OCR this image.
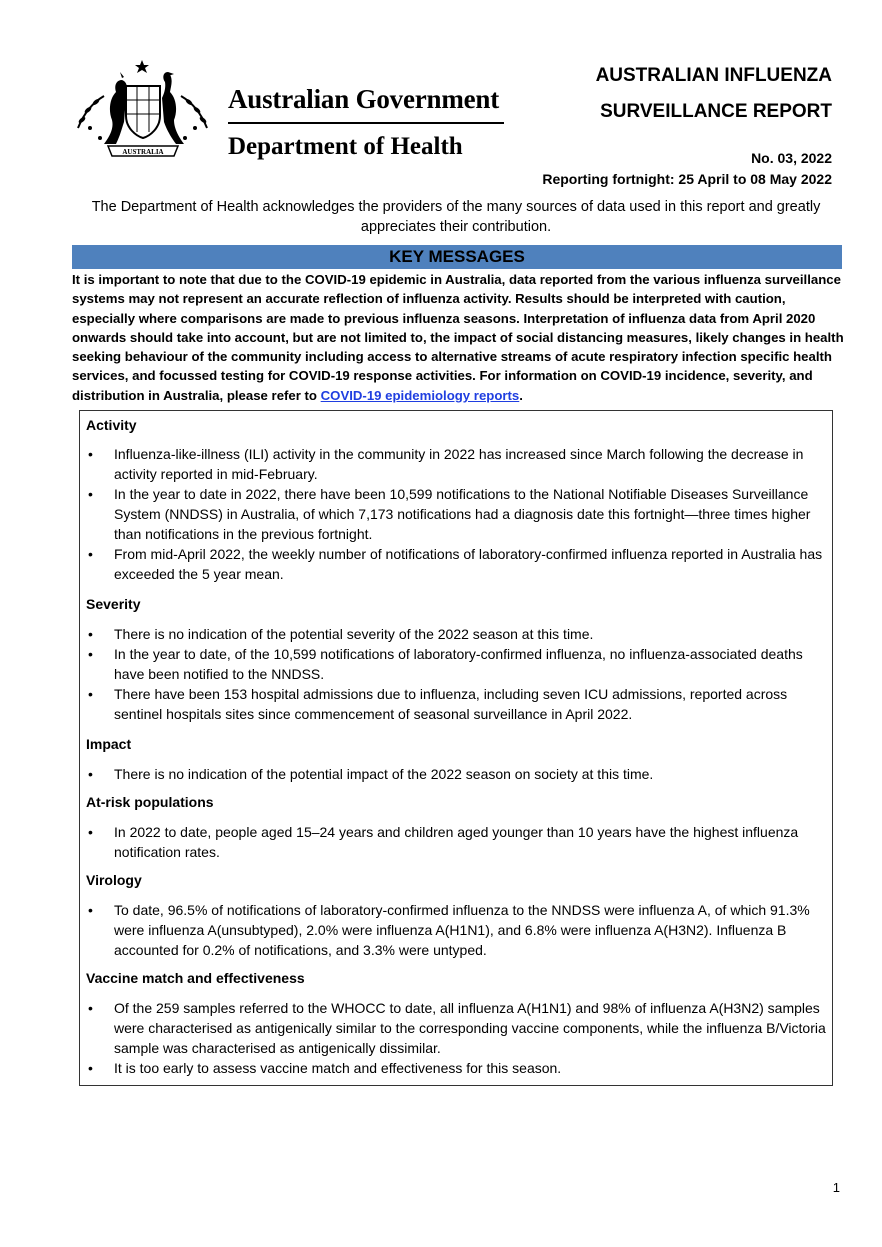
AUSTRALIA
Australian Government
Department of Health
AUSTRALIAN INFLUENZA
SURVEILLANCE REPORT
No. 03, 2022
Reporting fortnight: 25 April to 08 May 2022
The Department of Health acknowledges the providers of the many sources of data used in this report and greatly appreciates their contribution.
KEY MESSAGES
It is important to note that due to the COVID-19 epidemic in Australia, data reported from the various influenza surveillance systems may not represent an accurate reflection of influenza activity. Results should be interpreted with caution, especially where comparisons are made to previous influenza seasons. Interpretation of influenza data from April 2020 onwards should take into account, but are not limited to, the impact of social distancing measures, likely changes in health seeking behaviour of the community including access to alternative streams of acute respiratory infection specific health services, and focussed testing for COVID-19 response activities. For information on COVID-19 incidence, severity, and distribution in Australia, please refer to COVID-19 epidemiology reports.
Activity
• Influenza-like-illness (ILI) activity in the community in 2022 has increased since March following the decrease in activity reported in mid-February.
• In the year to date in 2022, there have been 10,599 notifications to the National Notifiable Diseases Surveillance System (NNDSS) in Australia, of which 7,173 notifications had a diagnosis date this fortnight—three times higher than notifications in the previous fortnight.
• From mid-April 2022, the weekly number of notifications of laboratory-confirmed influenza reported in Australia has exceeded the 5 year mean.
Severity
• There is no indication of the potential severity of the 2022 season at this time.
• In the year to date, of the 10,599 notifications of laboratory-confirmed influenza, no influenza-associated deaths have been notified to the NNDSS.
• There have been 153 hospital admissions due to influenza, including seven ICU admissions, reported across sentinel hospitals sites since commencement of seasonal surveillance in April 2022.
Impact
• There is no indication of the potential impact of the 2022 season on society at this time.
At-risk populations
• In 2022 to date, people aged 15–24 years and children aged younger than 10 years have the highest influenza notification rates.
Virology
• To date, 96.5% of notifications of laboratory-confirmed influenza to the NNDSS were influenza A, of which 91.3% were influenza A(unsubtyped), 2.0% were influenza A(H1N1), and 6.8% were influenza A(H3N2). Influenza B accounted for 0.2% of notifications, and 3.3% were untyped.
Vaccine match and effectiveness
• Of the 259 samples referred to the WHOCC to date, all influenza A(H1N1) and 98% of influenza A(H3N2) samples were characterised as antigenically similar to the corresponding vaccine components, while the influenza B/Victoria sample was characterised as antigenically dissimilar.
• It is too early to assess vaccine match and effectiveness for this season.
1
